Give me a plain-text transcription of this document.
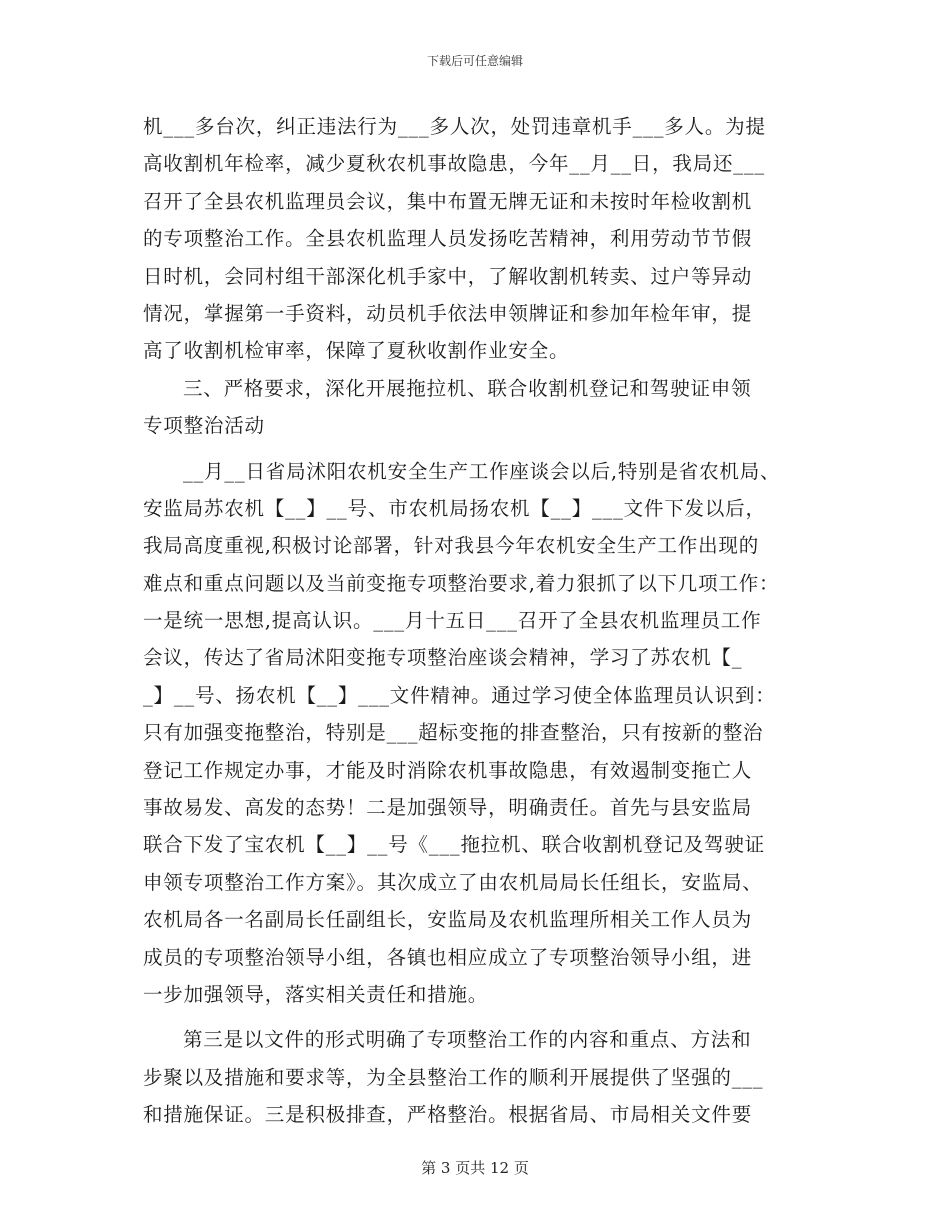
下载后可任意编辑
机___多台次，纠正违法行为___多人次，处罚违章机手___多人。为提
高收割机年检率，减少夏秋农机事故隐患，今年__月__日，我局还___
召开了全县农机监理员会议，集中布置无牌无证和未按时年检收割机
的专项整治工作。全县农机监理人员发扬吃苦精神，利用劳动节节假
日时机，会同村组干部深化机手家中，了解收割机转卖、过户等异动
情况，掌握第一手资料，动员机手依法申领牌证和参加年检年审，提
高了收割机检审率，保障了夏秋收割作业安全。
三、严格要求，深化开展拖拉机、联合收割机登记和驾驶证申领
专项整治活动
__月__日省局沭阳农机安全生产工作座谈会以后,特别是省农机局、
安监局苏农机【__】__号、市农机局扬农机【__】___文件下发以后，
我局高度重视,积极讨论部署，针对我县今年农机安全生产工作出现的
难点和重点问题以及当前变拖专项整治要求,着力狠抓了以下几项工作：
一是统一思想,提高认识。___月十五日___召开了全县农机监理员工作
会议，传达了省局沭阳变拖专项整治座谈会精神，学习了苏农机【_
_】__号、扬农机【__】___文件精神。通过学习使全体监理员认识到：
只有加强变拖整治，特别是___超标变拖的排查整治，只有按新的整治
登记工作规定办事，才能及时消除农机事故隐患，有效遏制变拖亡人
事故易发、高发的态势！二是加强领导，明确责任。首先与县安监局
联合下发了宝农机【__】__号《___拖拉机、联合收割机登记及驾驶证
申领专项整治工作方案》。其次成立了由农机局局长任组长，安监局、
农机局各一名副局长任副组长，安监局及农机监理所相关工作人员为
成员的专项整治领导小组，各镇也相应成立了专项整治领导小组，进
一步加强领导，落实相关责任和措施。
第三是以文件的形式明确了专项整治工作的内容和重点、方法和
步聚以及措施和要求等，为全县整治工作的顺利开展提供了坚强的___
和措施保证。三是积极排查，严格整治。根据省局、市局相关文件要
第 3 页共 12 页
